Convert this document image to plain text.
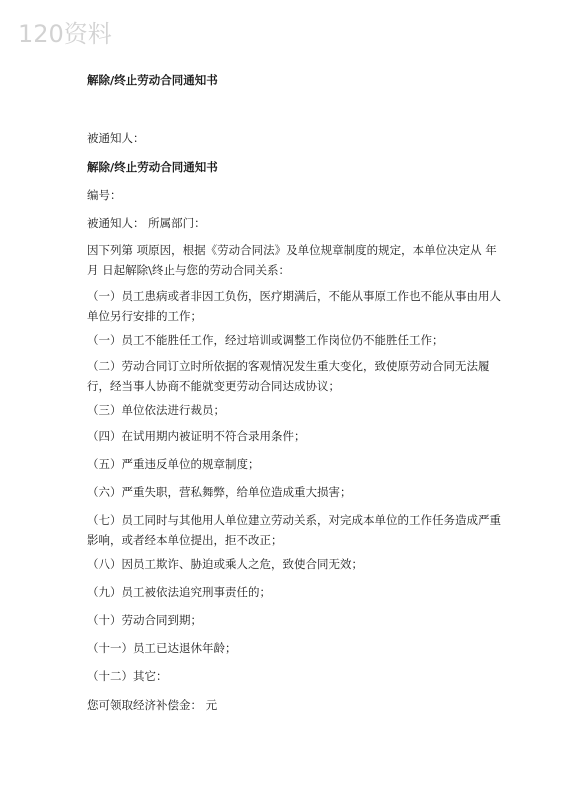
120资料
解除/终止劳动合同通知书
被通知人：
解除/终止劳动合同通知书
编号：
被通知人： 所属部门：
因下列第 项原因，根据《劳动合同法》及单位规章制度的规定，本单位决定从 年 月 日起解除\终止与您的劳动合同关系：
（一）员工患病或者非因工负伤，医疗期满后，不能从事原工作也不能从事由用人单位另行安排的工作；
（一）员工不能胜任工作，经过培训或调整工作岗位仍不能胜任工作；
（二）劳动合同订立时所依据的客观情况发生重大变化，致使原劳动合同无法履行，经当事人协商不能就变更劳动合同达成协议；
（三）单位依法进行裁员；
（四）在试用期内被证明不符合录用条件；
（五）严重违反单位的规章制度；
（六）严重失职，营私舞弊，给单位造成重大损害；
（七）员工同时与其他用人单位建立劳动关系，对完成本单位的工作任务造成严重影响，或者经本单位提出，拒不改正；
（八）因员工欺诈、胁迫或乘人之危，致使合同无效；
（九）员工被依法追究刑事责任的；
（十）劳动合同到期；
（十一）员工已达退休年龄；
（十二）其它：
您可领取经济补偿金： 元
